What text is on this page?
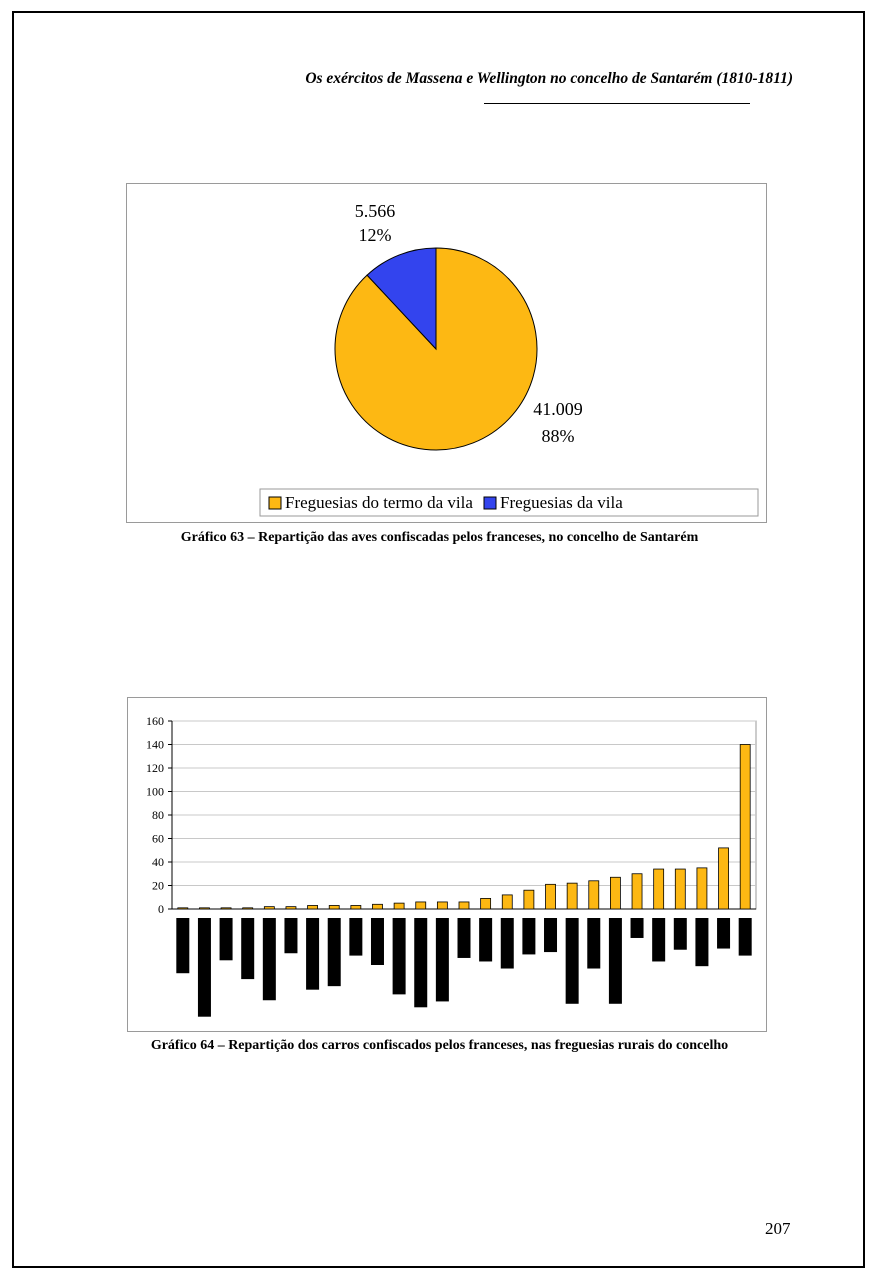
Os exércitos de Massena e Wellington no concelho de Santarém (1810-1811)
5.566
12%
41.009
88%
Freguesias do termo da vila Freguesias da vila
Gráfico 63 – Repartição das aves confiscadas pelos franceses, no concelho de Santarém
0
20
40
60
80
100
120
140
160
Gráfico 64 – Repartição dos carros confiscados pelos franceses, nas freguesias rurais do concelho
207
